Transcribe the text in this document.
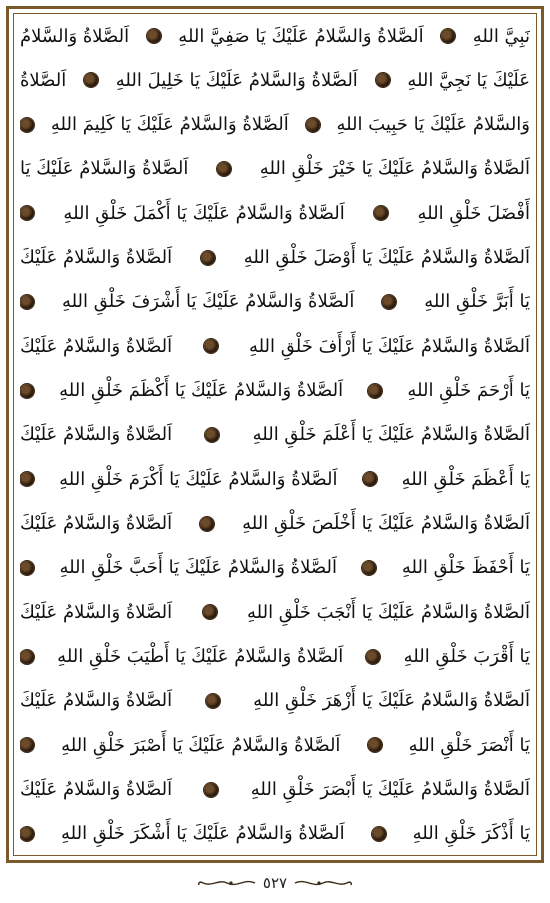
نَبِيَّ اللهِ
اَلصَّلاةُ وَالسَّلامُ عَلَيْكَ يَا صَفِيَّ اللهِ
اَلصَّلاةُ وَالسَّلامُ
عَلَيْكَ يَا نَجِيَّ اللهِ
اَلصَّلاةُ وَالسَّلامُ عَلَيْكَ يَا خَلِيلَ اللهِ
اَلصَّلاةُ
وَالسَّلامُ عَلَيْكَ يَا حَبِيبَ اللهِ
اَلصَّلاةُ وَالسَّلامُ عَلَيْكَ يَا كَلِيمَ اللهِ
اَلصَّلاةُ وَالسَّلامُ عَلَيْكَ يَا خَيْرَ خَلْقِ اللهِ
اَلصَّلاةُ وَالسَّلامُ عَلَيْكَ يَا
أَفْضَلَ خَلْقِ اللهِ
اَلصَّلاةُ وَالسَّلامُ عَلَيْكَ يَا أَكْمَلَ خَلْقِ اللهِ
اَلصَّلاةُ وَالسَّلامُ عَلَيْكَ يَا أَوْصَلَ خَلْقِ اللهِ
اَلصَّلاةُ وَالسَّلامُ عَلَيْكَ
يَا أَبَرَّ خَلْقِ اللهِ
اَلصَّلاةُ وَالسَّلامُ عَلَيْكَ يَا أَشْرَفَ خَلْقِ اللهِ
اَلصَّلاةُ وَالسَّلامُ عَلَيْكَ يَا أَرْأَفَ خَلْقِ اللهِ
اَلصَّلاةُ وَالسَّلامُ عَلَيْكَ
يَا أَرْحَمَ خَلْقِ اللهِ
اَلصَّلاةُ وَالسَّلامُ عَلَيْكَ يَا أَكْظَمَ خَلْقِ اللهِ
اَلصَّلاةُ وَالسَّلامُ عَلَيْكَ يَا أَعْلَمَ خَلْقِ اللهِ
اَلصَّلاةُ وَالسَّلامُ عَلَيْكَ
يَا أَعْظَمَ خَلْقِ اللهِ
اَلصَّلاةُ وَالسَّلامُ عَلَيْكَ يَا أَكْرَمَ خَلْقِ اللهِ
اَلصَّلاةُ وَالسَّلامُ عَلَيْكَ يَا أَخْلَصَ خَلْقِ اللهِ
اَلصَّلاةُ وَالسَّلامُ عَلَيْكَ
يَا أَحْفَظَ خَلْقِ اللهِ
اَلصَّلاةُ وَالسَّلامُ عَلَيْكَ يَا أَحَبَّ خَلْقِ اللهِ
اَلصَّلاةُ وَالسَّلامُ عَلَيْكَ يَا أَنْجَبَ خَلْقِ اللهِ
اَلصَّلاةُ وَالسَّلامُ عَلَيْكَ
يَا أَقْرَبَ خَلْقِ اللهِ
اَلصَّلاةُ وَالسَّلامُ عَلَيْكَ يَا أَطْيَبَ خَلْقِ اللهِ
اَلصَّلاةُ وَالسَّلامُ عَلَيْكَ يَا أَزْهَرَ خَلْقِ اللهِ
اَلصَّلاةُ وَالسَّلامُ عَلَيْكَ
يَا أَنْصَرَ خَلْقِ اللهِ
اَلصَّلاةُ وَالسَّلامُ عَلَيْكَ يَا أَصْبَرَ خَلْقِ اللهِ
اَلصَّلاةُ وَالسَّلامُ عَلَيْكَ يَا أَبْصَرَ خَلْقِ اللهِ
اَلصَّلاةُ وَالسَّلامُ عَلَيْكَ
يَا أَذْكَرَ خَلْقِ اللهِ
اَلصَّلاةُ وَالسَّلامُ عَلَيْكَ يَا أَشْكَرَ خَلْقِ اللهِ
٥٢٧
